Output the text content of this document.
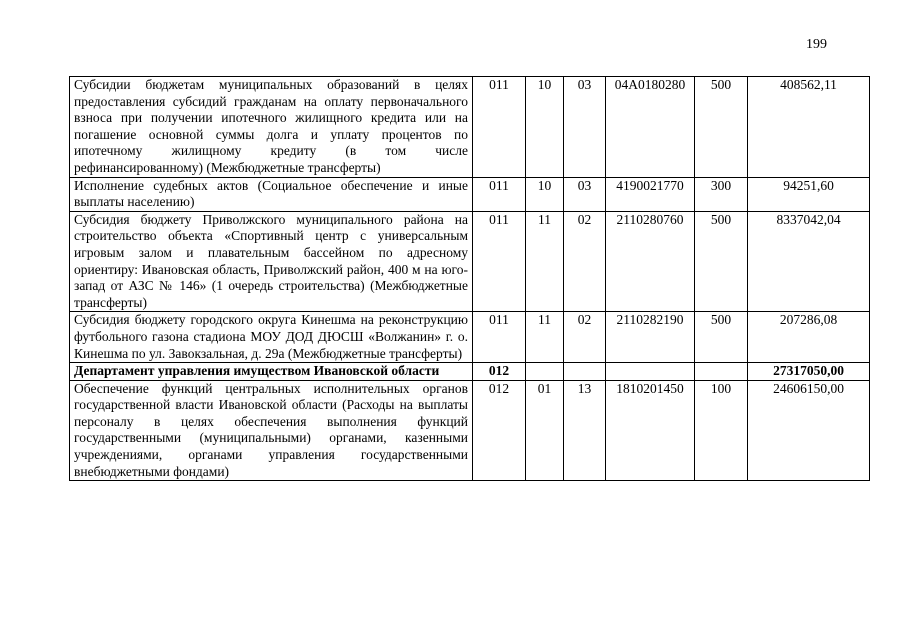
199
Субсидии бюджетам муниципальных образований в целях предоставления субсидий гражданам на оплату первоначального взноса при получении ипотечного жилищного кредита или на погашение основной суммы долга и уплату процентов по ипотечному жилищному кредиту (в том числе рефинансированному) (Межбюджетные трансферты)	011	10	03	04А0180280	500	408562,11
Исполнение судебных актов (Социальное обеспечение и иные выплаты населению)	011	10	03	4190021770	300	94251,60
Субсидия бюджету Приволжского муниципального района на строительство объекта «Спортивный центр с универсальным игровым залом и плавательным бассейном по адресному ориентиру: Ивановская область, Приволжский район, 400 м на юго-запад от АЗС № 146» (1 очередь строительства) (Межбюджетные трансферты)	011	11	02	2110280760	500	8337042,04
Субсидия бюджету городского округа Кинешма на реконструкцию футбольного газона стадиона МОУ ДОД ДЮСШ «Волжанин» г. о. Кинешма по ул. Завокзальная, д. 29а (Межбюджетные трансферты)	011	11	02	2110282190	500	207286,08
Департамент управления имуществом Ивановской области	012					27317050,00
Обеспечение функций центральных исполнительных органов государственной власти Ивановской области (Расходы на выплаты персоналу в целях обеспечения выполнения функций государственными (муниципальными) органами, казенными учреждениями, органами управления государственными внебюджетными фондами)	012	01	13	1810201450	100	24606150,00
